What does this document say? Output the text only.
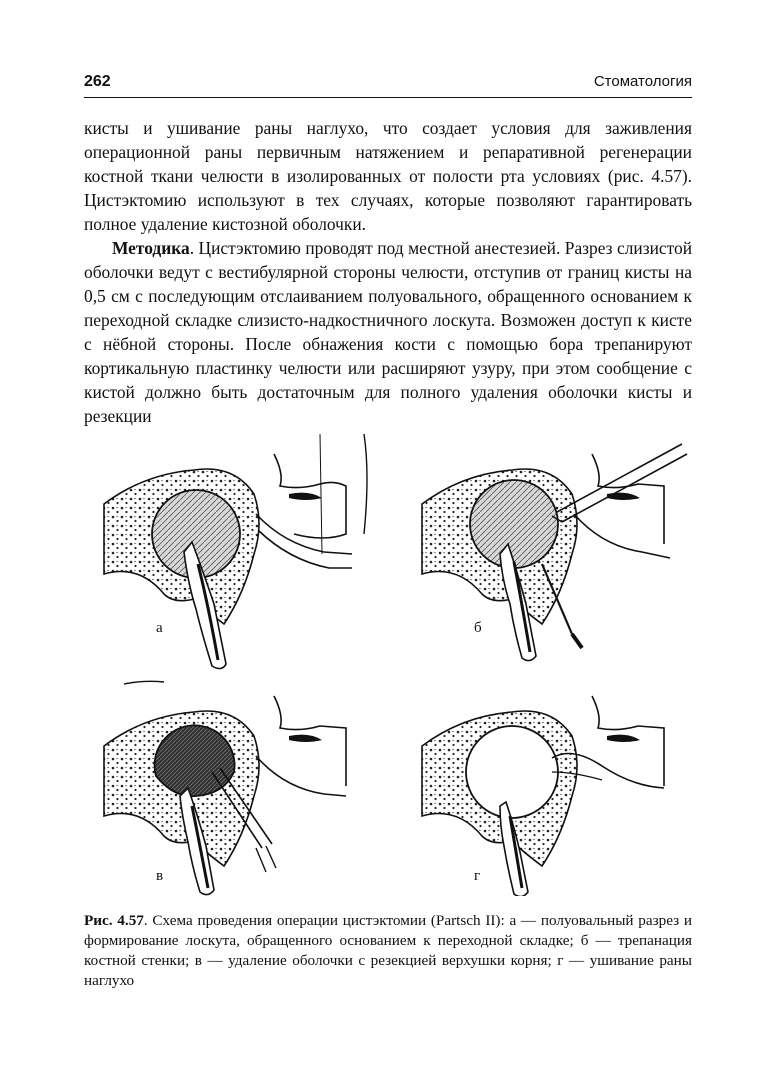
262	Стоматология

кисты и ушивание раны наглухо, что создает условия для заживления операционной раны первичным натяжением и репаративной регенерации костной ткани челюсти в изолированных от полости рта условиях (рис. 4.57). Цистэктомию используют в тех случаях, которые позволяют гарантировать полное удаление кистозной оболочки.

Методика. Цистэктомию проводят под местной анестезией. Разрез слизистой оболочки ведут с вестибулярной стороны челюсти, отступив от границ кисты на 0,5 см с последующим отслаиванием полуовального, обращенного основанием к переходной складке слизисто-надкостничного лоскута. Возможен доступ к кисте с нёбной стороны. После обнажения кости с помощью бора трепанируют кортикальную пластинку челюсти или расширяют узуру, при этом сообщение с кистой должно быть достаточным для полного удаления оболочки кисты и резекции

а	б
в	г
Рис. 4.57. Схема проведения операции цистэктомии (Partsch II): а — полуовальный разрез и формирование лоскута, обращенного основанием к переходной складке; б — трепанация костной стенки; в — удаление оболочки с резекцией верхушки корня; г — ушивание раны наглухо
